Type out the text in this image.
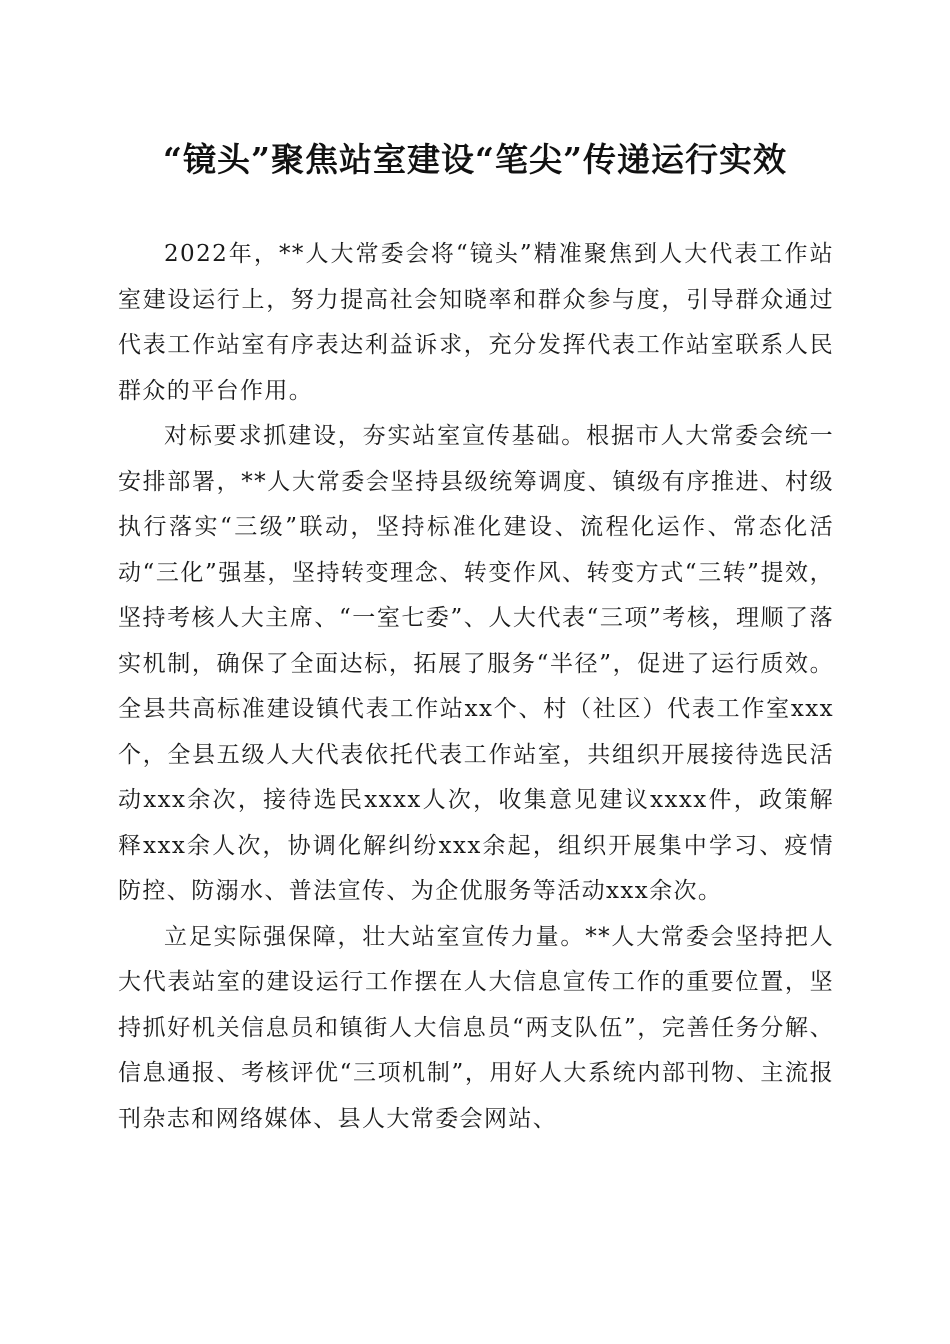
“镜头”聚焦站室建设“笔尖”传递运行实效

2022年，**人大常委会将“镜头”精准聚焦到人大代表工作站室建设运行上，努力提高社会知晓率和群众参与度，引导群众通过代表工作站室有序表达利益诉求，充分发挥代表工作站室联系人民群众的平台作用。

对标要求抓建设，夯实站室宣传基础。根据市人大常委会统一安排部署，**人大常委会坚持县级统筹调度、镇级有序推进、村级执行落实“三级”联动，坚持标准化建设、流程化运作、常态化活动“三化”强基，坚持转变理念、转变作风、转变方式“三转”提效，坚持考核人大主席、“一室七委”、人大代表“三项”考核，理顺了落实机制，确保了全面达标，拓展了服务“半径”，促进了运行质效。全县共高标准建设镇代表工作站xx个、村（社区）代表工作室xxx个，全县五级人大代表依托代表工作站室，共组织开展接待选民活动xxx余次，接待选民xxxx人次，收集意见建议xxxx件，政策解释xxx余人次，协调化解纠纷xxx余起，组织开展集中学习、疫情防控、防溺水、普法宣传、为企优服务等活动xxx余次。

立足实际强保障，壮大站室宣传力量。**人大常委会坚持把人大代表站室的建设运行工作摆在人大信息宣传工作的重要位置，坚持抓好机关信息员和镇街人大信息员“两支队伍”，完善任务分解、信息通报、考核评优“三项机制”，用好人大系统内部刊物、主流报刊杂志和网络媒体、县人大常委会网站、
